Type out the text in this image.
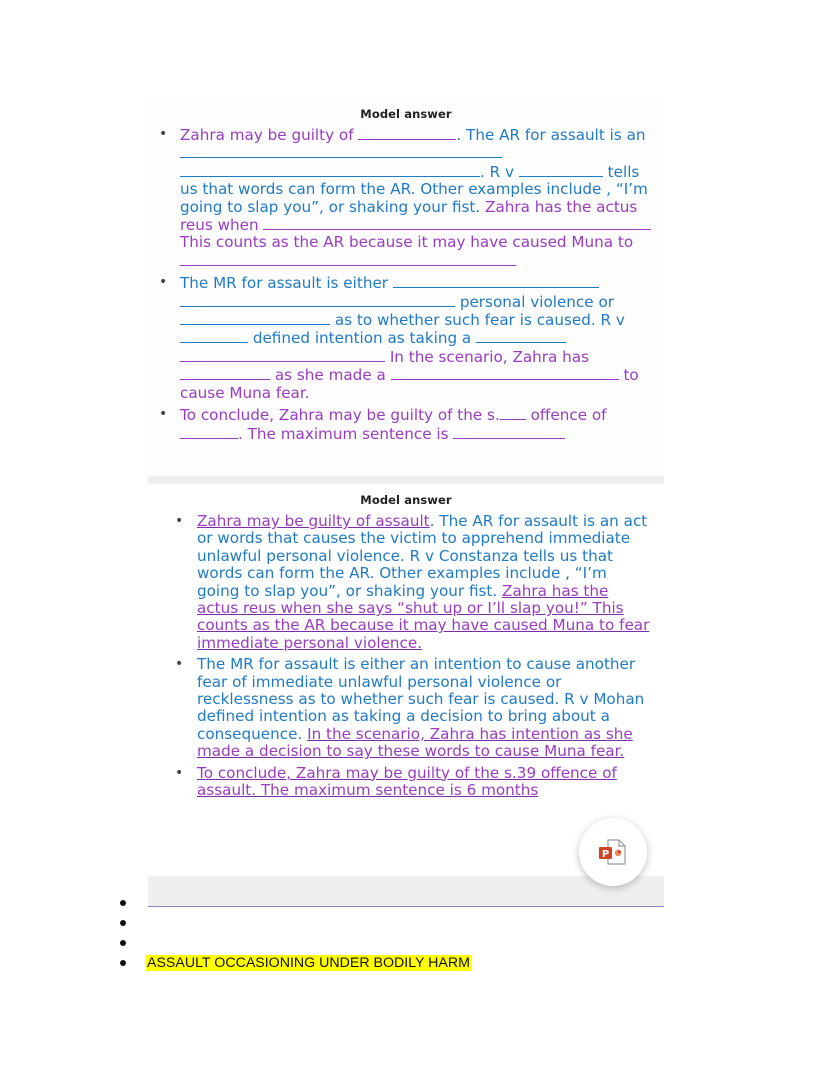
Model answer
• Zahra may be guilty of	. The AR for assault is an . R v	tells us that words can form the AR. Other examples include , “I’m going to slap you”, or shaking your fist. Zahra has the actus reus when  This counts as the AR because it may have caused Muna to
• The MR for assault is either  personal violence or  as to whether such fear is caused. R v  defined intention as taking a  In the scenario, Zahra has  as she made a	to cause Muna fear.
• To conclude, Zahra may be guilty of the s. offence of . The maximum sentence is
Model answer
• Zahra may be guilty of assault. The AR for assault is an act or words that causes the victim to apprehend immediate unlawful personal violence. R v Constanza tells us that words can form the AR. Other examples include , “I’m going to slap you”, or shaking your fist. Zahra has the actus reus when she says “shut up or I’ll slap you!” This counts as the AR because it may have caused Muna to fear immediate personal violence.
• The MR for assault is either an intention to cause another fear of immediate unlawful personal violence or recklessness as to whether such fear is caused. R v Mohan defined intention as taking a decision to bring about a consequence. In the scenario, Zahra has intention as she made a decision to say these words to cause Muna fear.
• To conclude, Zahra may be guilty of the s.39 offence of assault. The maximum sentence is 6 months
P
ASSAULT OCCASIONING UNDER BODILY HARM
